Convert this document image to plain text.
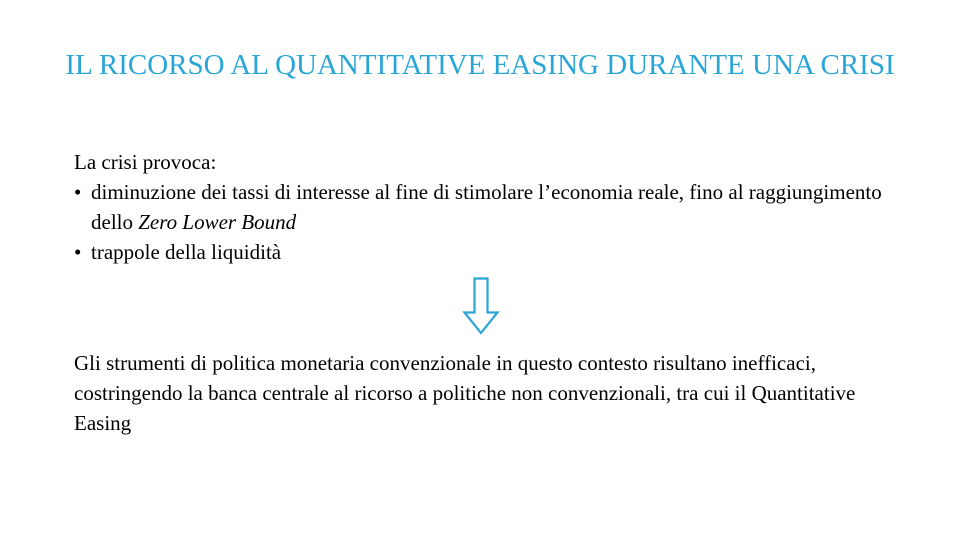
IL RICORSO AL QUANTITATIVE EASING DURANTE UNA CRISI

La crisi provoca:

• diminuzione dei tassi di interesse al fine di stimolare l’economia reale, fino al raggiungimento dello Zero Lower Bound
• trappole della liquidità

Gli strumenti di politica monetaria convenzionale in questo contesto risultano inefficaci, costringendo la banca centrale al ricorso a politiche non convenzionali, tra cui il Quantitative Easing
